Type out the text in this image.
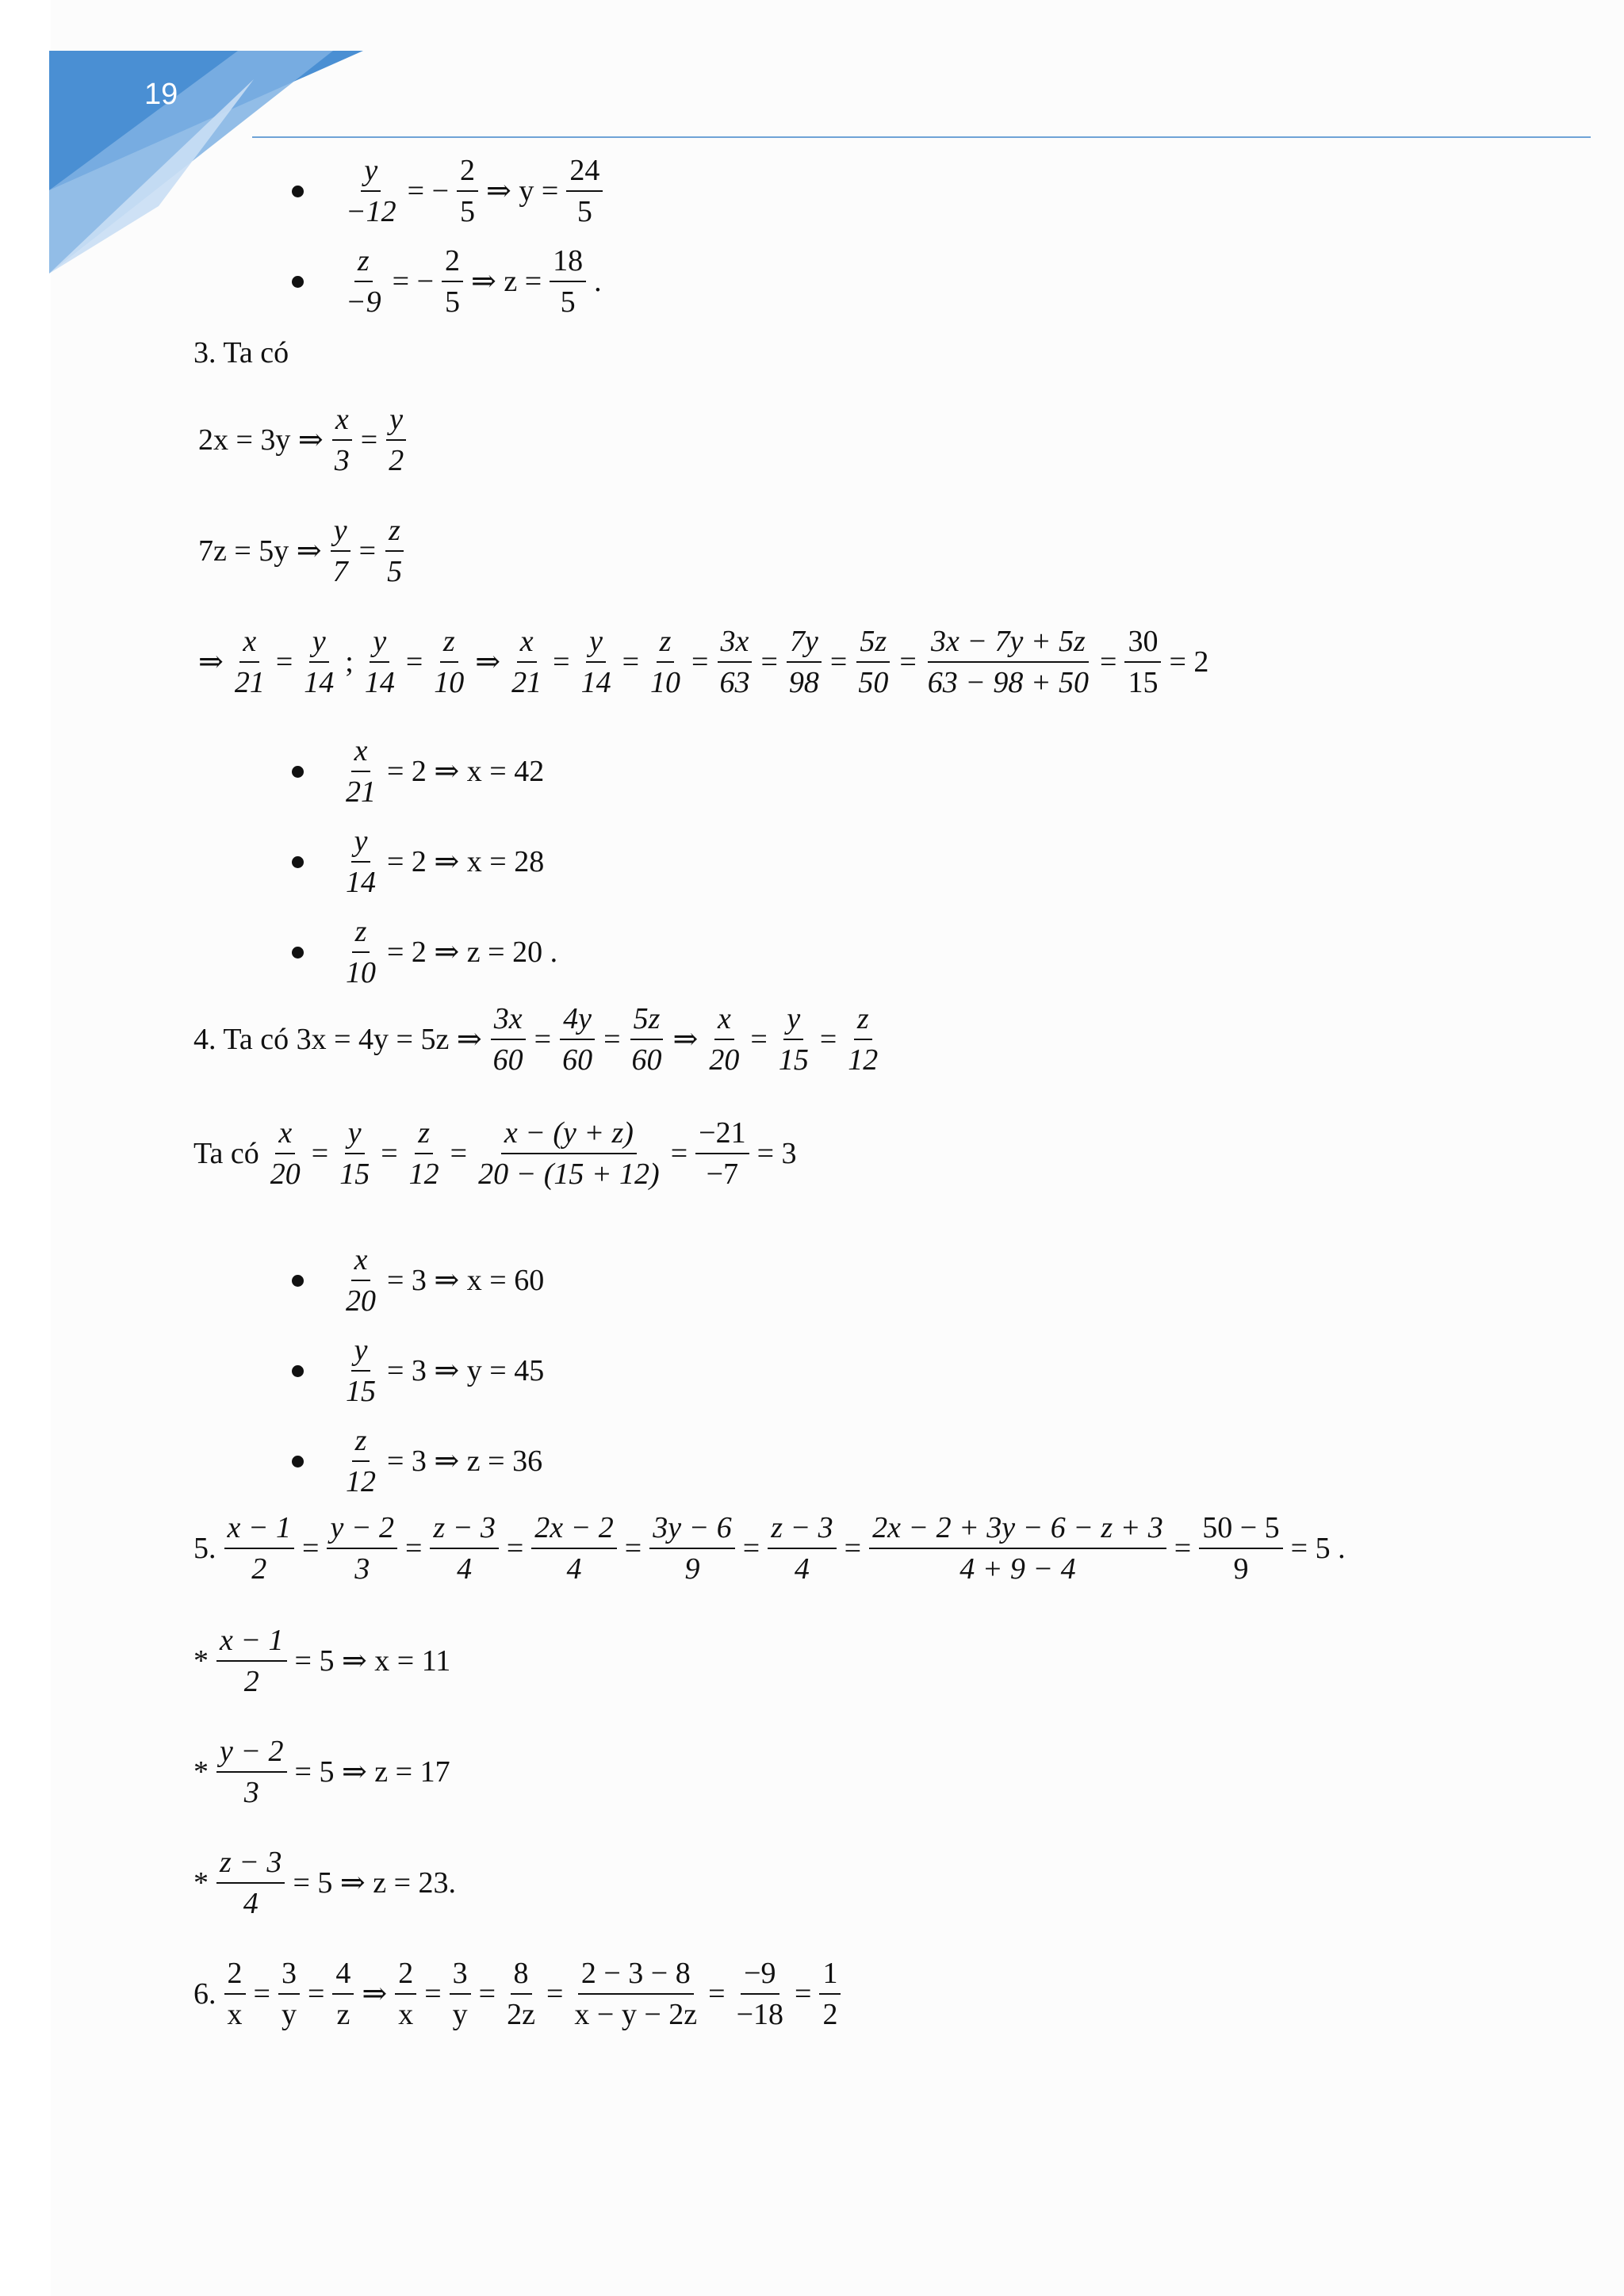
19
$\frac{y}{-12}$ = − $\frac{2}{5}$ ⇒ $y = \frac{24}{5}$
$\frac{z}{-9}$ = − $\frac{2}{5}$ ⇒ $z = \frac{18}{5}$ .
3. Ta có
2x = 3y ⇒ $\frac{x}{3} = \frac{y}{2}$
7z = 5y ⇒ $\frac{y}{7} = \frac{z}{5}$
⇒ $\frac{x}{21} = \frac{y}{14}$ ; $\frac{y}{14} = \frac{z}{10}$ ⇒ $\frac{x}{21} = \frac{y}{14} = \frac{z}{10} = \frac{3x}{63} = \frac{7y}{98} = \frac{5z}{50} = \frac{3x - 7y + 5z}{63 - 98 + 50} = \frac{30}{15} = 2$
$\frac{x}{21} = 2$ ⇒ x = 42
$\frac{y}{14} = 2$ ⇒ x = 28
$\frac{z}{10} = 2$ ⇒ z = 20 .
4. Ta có 3x = 4y = 5z ⇒ $\frac{3x}{60} = \frac{4y}{60} = \frac{5z}{60}$ ⇒ $\frac{x}{20} = \frac{y}{15} = \frac{z}{12}$
Ta có $\frac{x}{20} = \frac{y}{15} = \frac{z}{12} = \frac{x - (y + z)}{20 - (15 + 12)} = \frac{-21}{-7} = 3$
$\frac{x}{20} = 3$ ⇒ x = 60
$\frac{y}{15} = 3$ ⇒ y = 45
$\frac{z}{12} = 3$ ⇒ z = 36
5. $\frac{x - 1}{2} = \frac{y - 2}{3} = \frac{z - 3}{4} = \frac{2x - 2}{4} = \frac{3y - 6}{9} = \frac{z - 3}{4} = \frac{2x - 2 + 3y - 6 - z + 3}{4 + 9 - 4} = \frac{50 - 5}{9} = 5$ .
* $\frac{x - 1}{2} = 5$ ⇒ x = 11
* $\frac{y - 2}{3} = 5$ ⇒ z = 17
* $\frac{z - 3}{4} = 5$ ⇒ z = 23.
6. $\frac{2}{x} = \frac{3}{y} = \frac{4}{z}$ ⇒ $\frac{2}{x} = \frac{3}{y} = \frac{8}{2z} = \frac{2 - 3 - 8}{x - y - 2z} = \frac{-9}{-18} = \frac{1}{2}$
